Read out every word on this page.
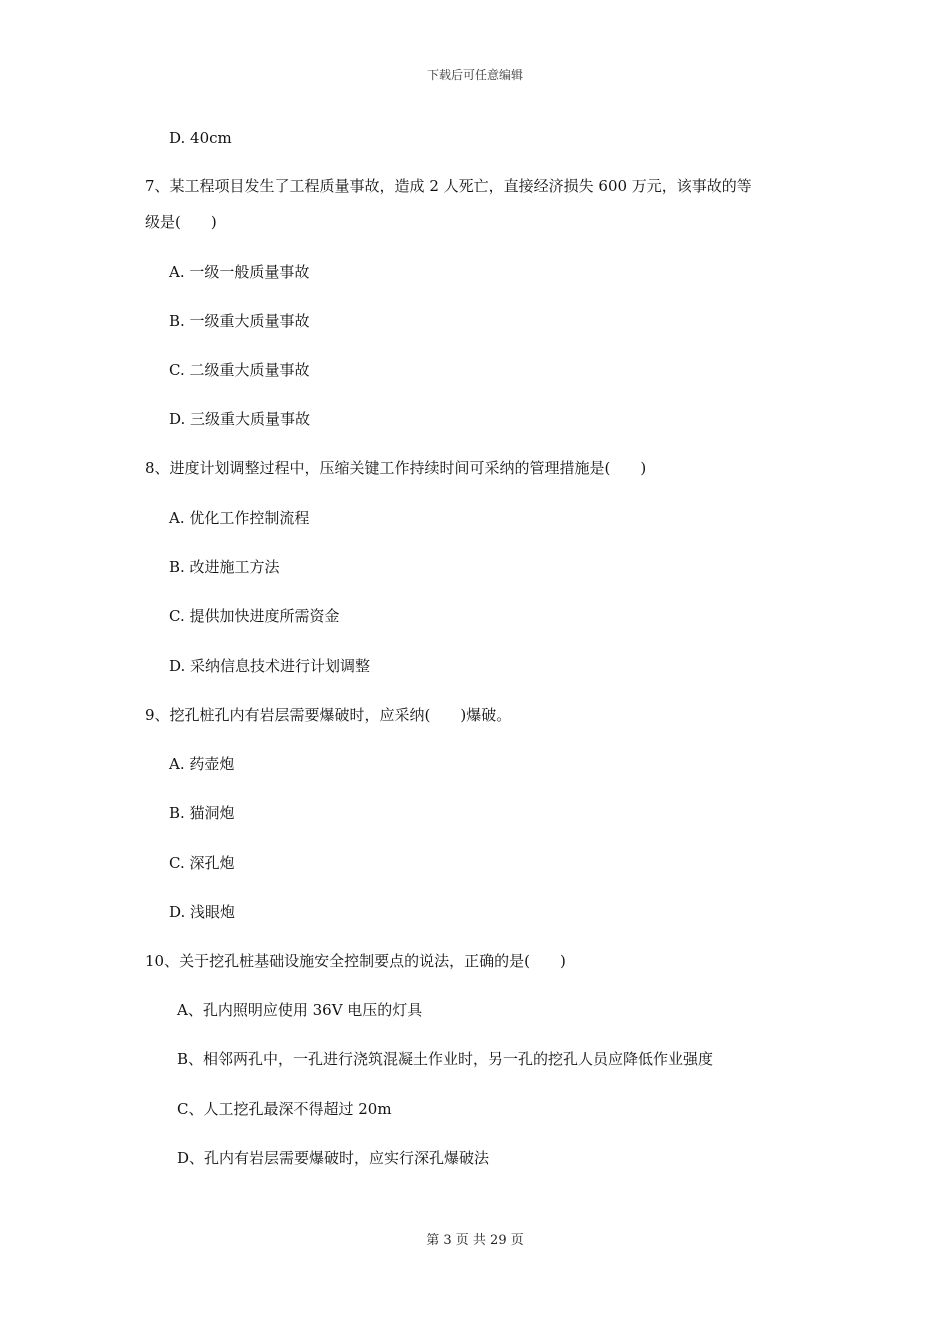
下载后可任意编辑
D. 40cm
7、某工程项目发生了工程质量事故，造成 2 人死亡，直接经济损失 600 万元，该事故的等
级是(　　)
A. 一级一般质量事故
B. 一级重大质量事故
C. 二级重大质量事故
D. 三级重大质量事故
8、进度计划调整过程中，压缩关键工作持续时间可采纳的管理措施是(　　)
A. 优化工作控制流程
B. 改进施工方法
C. 提供加快进度所需资金
D. 采纳信息技术进行计划调整
9、挖孔桩孔内有岩层需要爆破时，应采纳(　　)爆破。
A. 药壶炮
B. 猫洞炮
C. 深孔炮
D. 浅眼炮
10、关于挖孔桩基础设施安全控制要点的说法，正确的是(　　)
A、孔内照明应使用 36V 电压的灯具
B、相邻两孔中，一孔进行浇筑混凝土作业时，另一孔的挖孔人员应降低作业强度
C、人工挖孔最深不得超过 20m
D、孔内有岩层需要爆破时，应实行深孔爆破法
第 3 页 共 29 页
